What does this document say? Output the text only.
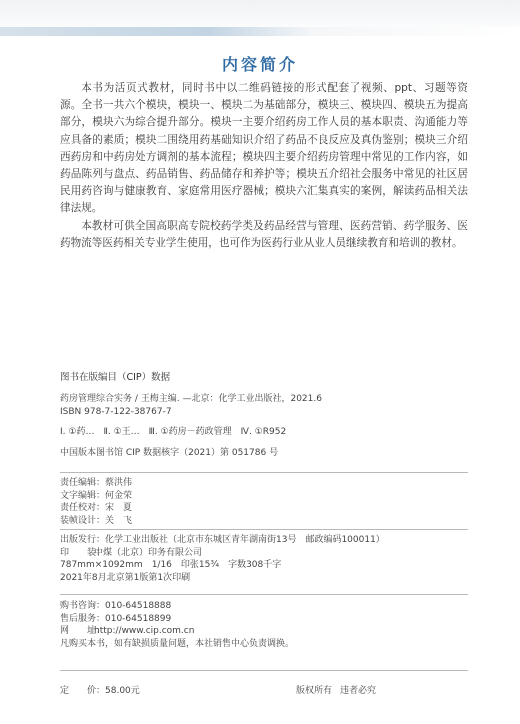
内容简介

本书为活页式教材，同时书中以二维码链接的形式配套了视频、ppt、习题等资源。全书一共六个模块，模块一、模块二为基础部分，模块三、模块四、模块五为提高部分，模块六为综合提升部分。模块一主要介绍药房工作人员的基本职责、沟通能力等应具备的素质；模块二围绕用药基础知识介绍了药品不良反应及真伪鉴别；模块三介绍西药房和中药房处方调剂的基本流程；模块四主要介绍药房管理中常见的工作内容，如药品陈列与盘点、药品销售、药品储存和养护等；模块五介绍社会服务中常见的社区居民用药咨询与健康教育、家庭常用医疗器械；模块六汇集真实的案例，解读药品相关法律法规。

本教材可供全国高职高专院校药学类及药品经营与管理、医药营销、药学服务、医药物流等医药相关专业学生使用，也可作为医药行业从业人员继续教育和培训的教材。

图书在版编目（CIP）数据
药房管理综合实务 / 王梅主编. —北京：化学工业出版社，2021.6
ISBN 978-7-122-38767-7
Ⅰ. ①药…　Ⅱ. ①王…　Ⅲ. ①药房－药政管理　Ⅳ. ①R952
中国版本图书馆 CIP 数据核字（2021）第 051786 号
责任编辑：蔡洪伟
文字编辑：何金荣
责任校对：宋　夏
装帧设计：关　飞
出版发行：化学工业出版社（北京市东城区青年湖南街13号　邮政编码100011）
印　　装：
中煤（北京）印务有限公司
787mm×1092mm　1/16　印张15¾　字数308千字
2021年8月北京第1版第1次印刷
购书咨询：010-64518888
售后服务：010-64518899
网　　址：
http://www.cip.com.cn
凡购买本书，如有缺损质量问题，本社销售中心负责调换。
定　　价：58.00元	版权所有 违者必究
